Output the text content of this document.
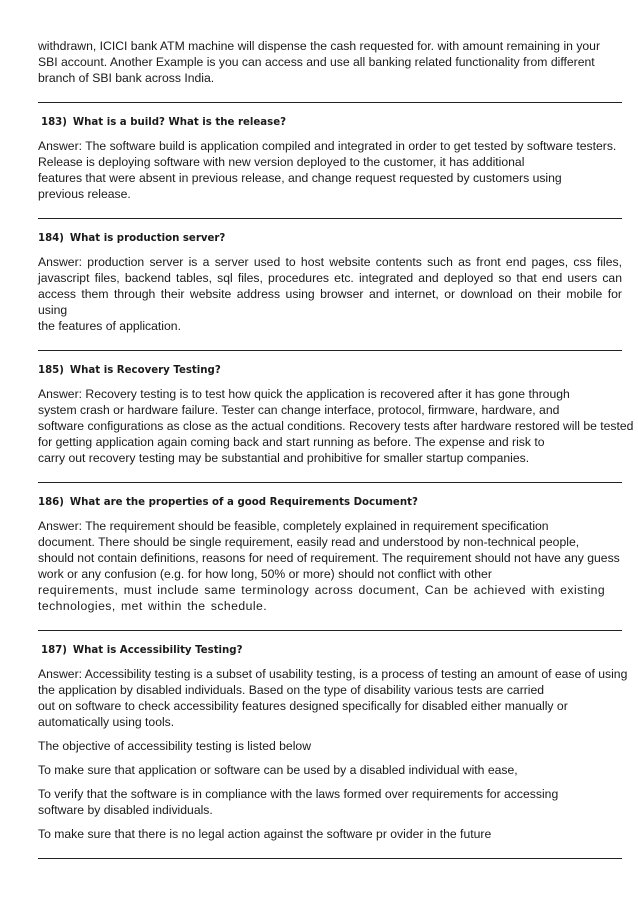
withdrawn, ICICI bank ATM machine will dispense the cash requested for. with amount remaining in your
SBI account. Another Example is you can access and use all banking related functionality from different
branch of SBI bank across India.
183) What is a build? What is the release?
Answer: The software build is application compiled and integrated in order to get tested by software testers.
Release is deploying software with new version deployed to the customer, it has additional
features that were absent in previous release, and change request requested by customers using
previous release.
184) What is production server?
Answer: production server is a server used to host website contents such as front end pages, css files,
javascript files, backend tables, sql files, procedures etc. integrated and deployed so that end users can
access them through their website address using browser and internet, or download on their mobile for using
the features of application.
185) What is Recovery Testing?
Answer: Recovery testing is to test how quick the application is recovered after it has gone through
system crash or hardware failure. Tester can change interface, protocol, firmware, hardware, and
software configurations as close as the actual conditions. Recovery tests after hardware restored will be tested
for getting application again coming back and start running as before. The expense and risk to
carry out recovery testing may be substantial and prohibitive for smaller startup companies.
186) What are the properties of a good Requirements Document?
Answer: The requirement should be feasible, completely explained in requirement specification
document. There should be single requirement, easily read and understood by non-technical people,
should not contain definitions, reasons for need of requirement. The requirement should not have any guess
work or any confusion (e.g. for how long, 50% or more) should not conflict with other
requirements, must include same terminology across document, Can be achieved with existing
technologies, met within the schedule.
187) What is Accessibility Testing?
Answer: Accessibility testing is a subset of usability testing, is a process of testing an amount of ease of using
the application by disabled individuals. Based on the type of disability various tests are carried
out on software to check accessibility features designed specifically for disabled either manually or
automatically using tools.
The objective of accessibility testing is listed below
To make sure that application or software can be used by a disabled individual with ease,
To verify that the software is in compliance with the laws formed over requirements for accessing
software by disabled individuals.
To make sure that there is no legal action against the software pr ovider in the future
